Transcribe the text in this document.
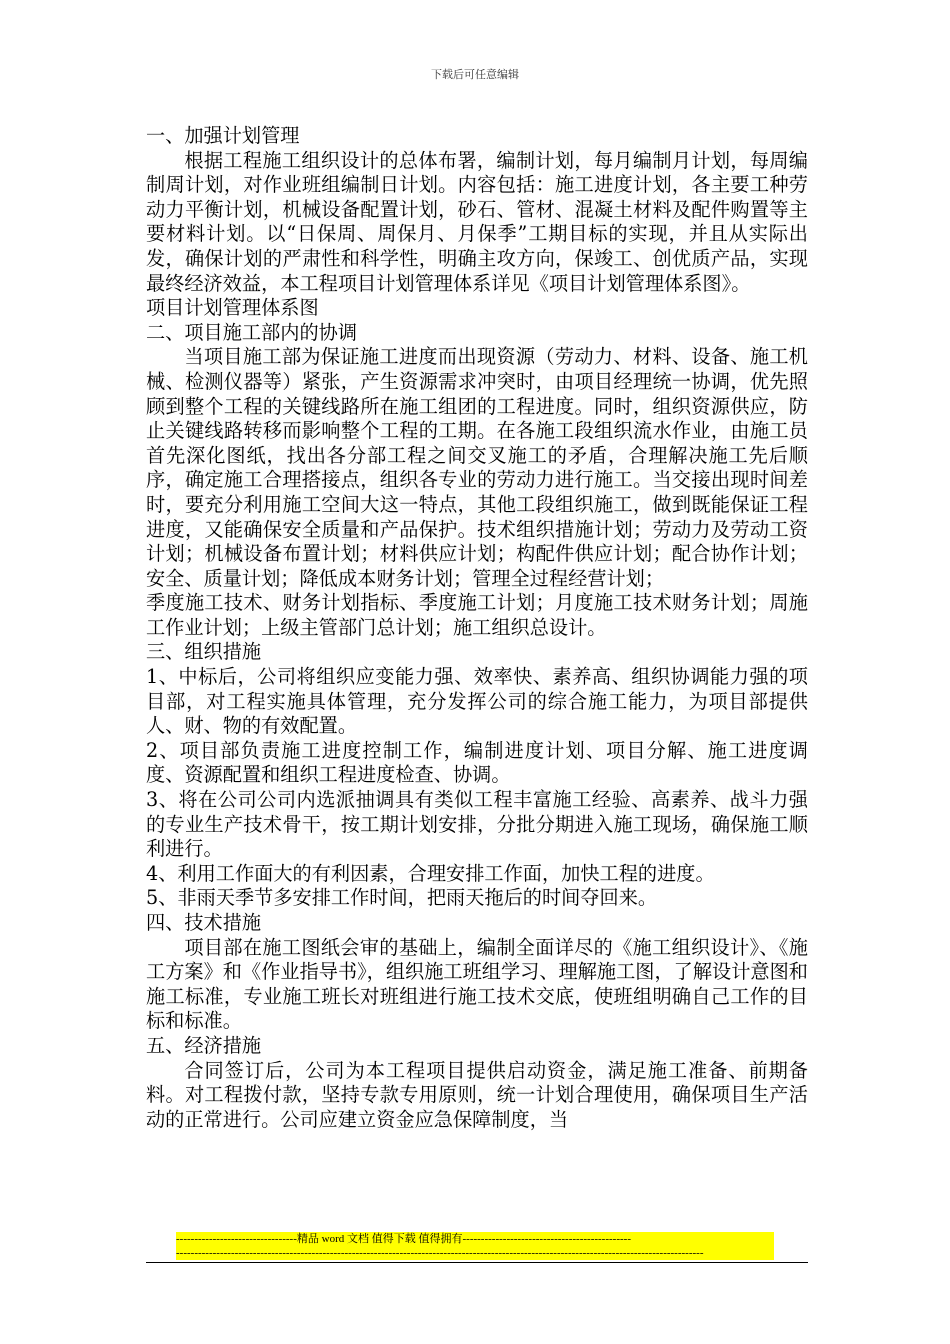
下载后可任意编辑

一、加强计划管理

根据工程施工组织设计的总体布署，编制计划，每月编制月计划，每周编制周计划，对作业班组编制日计划。内容包括：施工进度计划，各主要工种劳动力平衡计划，机械设备配置计划，砂石、管材、混凝土材料及配件购置等主要材料计划。以“日保周、周保月、月保季”工期目标的实现，并且从实际出发，确保计划的严肃性和科学性，明确主攻方向，保竣工、创优质产品，实现最终经济效益，本工程项目计划管理体系详见《项目计划管理体系图》。

项目计划管理体系图

二、项目施工部内的协调

当项目施工部为保证施工进度而出现资源（劳动力、材料、设备、施工机械、检测仪器等）紧张，产生资源需求冲突时，由项目经理统一协调，优先照顾到整个工程的关键线路所在施工组团的工程进度。同时，组织资源供应，防止关键线路转移而影响整个工程的工期。在各施工段组织流水作业，由施工员首先深化图纸，找出各分部工程之间交叉施工的矛盾，合理解决施工先后顺序，确定施工合理搭接点，组织各专业的劳动力进行施工。当交接出现时间差时，要充分利用施工空间大这一特点，其他工段组织施工，做到既能保证工程进度，又能确保安全质量和产品保护。技术组织措施计划；劳动力及劳动工资计划；机械设备布置计划；材料供应计划；构配件供应计划；配合协作计划；安全、质量计划；降低成本财务计划；管理全过程经营计划；

季度施工技术、财务计划指标、季度施工计划；月度施工技术财务计划；周施工作业计划；上级主管部门总计划；施工组织总设计。

三、组织措施

1、中标后，公司将组织应变能力强、效率快、素养高、组织协调能力强的项目部，对工程实施具体管理，充分发挥公司的综合施工能力，为项目部提供人、财、物的有效配置。

2、项目部负责施工进度控制工作，编制进度计划、项目分解、施工进度调度、资源配置和组织工程进度检查、协调。

3、将在公司公司内选派抽调具有类似工程丰富施工经验、高素养、战斗力强的专业生产技术骨干，按工期计划安排，分批分期进入施工现场，确保施工顺利进行。

4、利用工作面大的有利因素，合理安排工作面，加快工程的进度。

5、非雨天季节多安排工作时间，把雨天拖后的时间夺回来。

四、技术措施

项目部在施工图纸会审的基础上，编制全面详尽的《施工组织设计》、《施工方案》和《作业指导书》，组织施工班组学习、理解施工图，了解设计意图和施工标准，专业施工班长对班组进行施工技术交底，使班组明确自己工作的目标和标准。

五、经济措施

合同签订后，公司为本工程项目提供启动资金，满足施工准备、前期备料。对工程拨付款，坚持专款专用原则，统一计划合理使用，确保项目生产活动的正常进行。公司应建立资金应急保障制度，当

---------------------------------精品 word 文档 值得下载 值得拥有----------------------------------------------
------------------------------------------------------------------------------------------------------------------------------------------------
